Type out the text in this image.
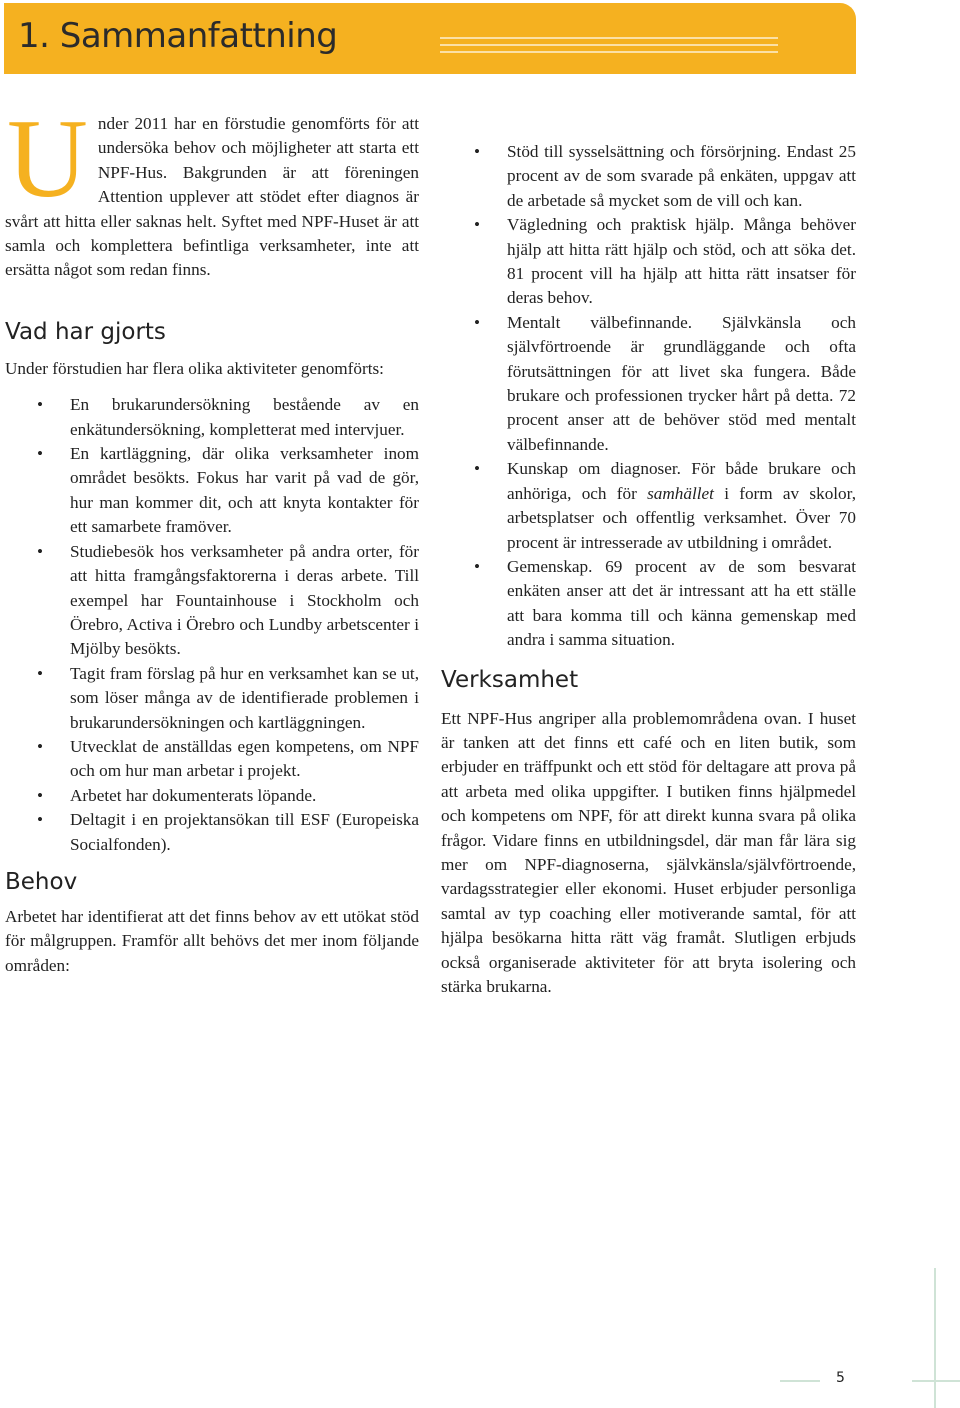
1. Sammanfattning
U nder 2011 har en förstudie genomförts för att undersöka behov och möjligheter att starta ett NPF-Hus. Bakgrunden är att föreningen Attention upplever att stödet efter diagnos är svårt att hitta eller saknas helt. Syftet med NPF-Huset är att samla och komplettera befintliga verksamheter, inte att ersätta något som redan finns.

Vad har gjorts

Under förstudien har flera olika aktiviteter genomförts:

• En brukarundersökning bestående av en enkätundersökning, kompletterat med intervjuer.
• En kartläggning, där olika verksamheter inom området besökts. Fokus har varit på vad de gör, hur man kommer dit, och att knyta kontakter för ett samarbete framöver.
• Studiebesök hos verksamheter på andra orter, för att hitta framgångsfaktorerna i deras arbete. Till exempel har Fountainhouse i Stockholm och Örebro, Activa i Örebro och Lundby arbetscenter i Mjölby besökts.
• Tagit fram förslag på hur en verksamhet kan se ut, som löser många av de identifierade problemen i brukarundersökningen och kartläggningen.
• Utvecklat de anställdas egen kompetens, om NPF och om hur man arbetar i projekt.
• Arbetet har dokumenterats löpande.
• Deltagit i en projektansökan till ESF (Europeiska Socialfonden).
Behov

Arbetet har identifierat att det finns behov av ett utökat stöd för målgruppen. Framför allt behövs det mer inom följande områden:

• Stöd till sysselsättning och försörjning. Endast 25 procent av de som svarade på enkäten, uppgav att de arbetade så mycket som de vill och kan.
• Vägledning och praktisk hjälp. Många behöver hjälp att hitta rätt hjälp och stöd, och att söka det. 81 procent vill ha hjälp att hitta rätt insatser för deras behov.
• Mentalt välbefinnande. Självkänsla och självförtroende är grundläggande och ofta förutsättningen för att livet ska fungera. Både brukare och professionen trycker hårt på detta. 72 procent anser att de behöver stöd med mentalt välbefinnande.
• Kunskap om diagnoser. För både brukare och anhöriga, och för samhället i form av skolor, arbetsplatser och offentlig verksamhet. Över 70 procent är intresserade av utbildning i området.
• Gemenskap. 69 procent av de som besvarat enkäten anser att det är intressant att ha ett ställe att bara komma till och känna gemenskap med andra i samma situation.
Verksamhet

Ett NPF-Hus angriper alla problemområdena ovan. I huset är tanken att det finns ett café och en liten butik, som erbjuder en träffpunkt och ett stöd för deltagare att prova på att arbeta med olika uppgifter. I butiken finns hjälpmedel och kompetens om NPF, för att direkt kunna svara på olika frågor. Vidare finns en utbildningsdel, där man får lära sig mer om NPF-diagnoserna, självkänsla/självförtroende, vardagsstrategier eller ekonomi. Huset erbjuder personliga samtal av typ coaching eller motiverande samtal, för att hjälpa besökarna hitta rätt väg framåt. Slutligen erbjuds också organiserade aktiviteter för att bryta isolering och stärka brukarna.

5
